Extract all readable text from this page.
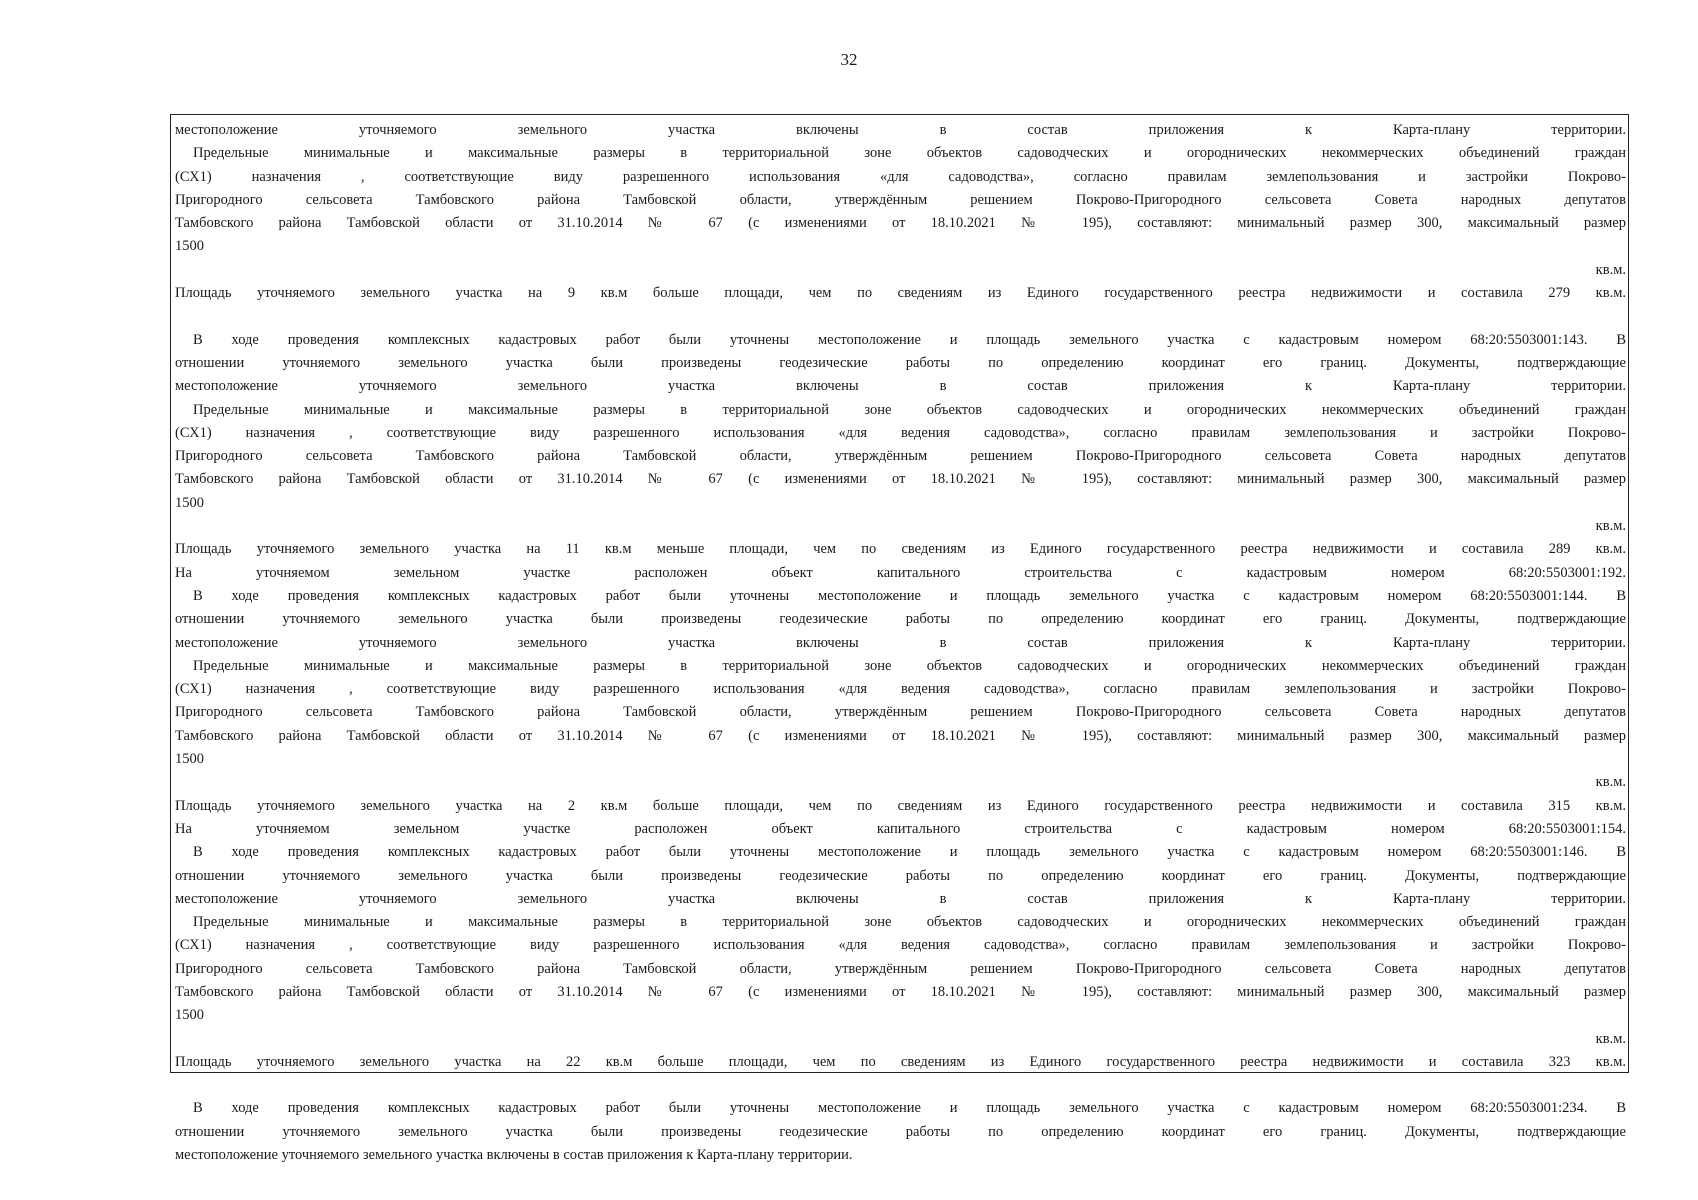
32
местоположение уточняемого земельного участка включены в состав приложения к Карта-плану территории.
Предельные минимальные и максимальные размеры в территориальной зоне объектов садоводческих и огороднических некоммерческих объединений граждан
(СХ1) назначения , соответствующие виду разрешенного использования «для садоводства», согласно правилам землепользования и застройки Покрово-
Пригородного сельсовета Тамбовского района Тамбовской области, утверждённым решением Покрово-Пригородного сельсовета Совета народных депутатов
Тамбовского района Тамбовской области от 31.10.2014 № 67 (с изменениями от 18.10.2021 № 195), составляют: минимальный размер 300, максимальный размер
1500
кв.м.
Площадь уточняемого земельного участка на 9 кв.м больше площади, чем по сведениям из Единого государственного реестра недвижимости и составила 279 кв.м.
В ходе проведения комплексных кадастровых работ были уточнены местоположение и площадь земельного участка с кадастровым номером 68:20:5503001:143. В
отношении уточняемого земельного участка были произведены геодезические работы по определению координат его границ. Документы, подтверждающие
местоположение уточняемого земельного участка включены в состав приложения к Карта-плану территории.
Предельные минимальные и максимальные размеры в территориальной зоне объектов садоводческих и огороднических некоммерческих объединений граждан
(СХ1) назначения , соответствующие виду разрешенного использования «для ведения садоводства», согласно правилам землепользования и застройки Покрово-
Пригородного сельсовета Тамбовского района Тамбовской области, утверждённым решением Покрово-Пригородного сельсовета Совета народных депутатов
Тамбовского района Тамбовской области от 31.10.2014 № 67 (с изменениями от 18.10.2021 № 195), составляют: минимальный размер 300, максимальный размер
1500
кв.м.
Площадь уточняемого земельного участка на 11 кв.м меньше площади, чем по сведениям из Единого государственного реестра недвижимости и составила 289 кв.м.
На уточняемом земельном участке расположен объект капитального строительства с кадастровым номером 68:20:5503001:192.
В ходе проведения комплексных кадастровых работ были уточнены местоположение и площадь земельного участка с кадастровым номером 68:20:5503001:144. В
отношении уточняемого земельного участка были произведены геодезические работы по определению координат его границ. Документы, подтверждающие
местоположение уточняемого земельного участка включены в состав приложения к Карта-плану территории.
Предельные минимальные и максимальные размеры в территориальной зоне объектов садоводческих и огороднических некоммерческих объединений граждан
(СХ1) назначения , соответствующие виду разрешенного использования «для ведения садоводства», согласно правилам землепользования и застройки Покрово-
Пригородного сельсовета Тамбовского района Тамбовской области, утверждённым решением Покрово-Пригородного сельсовета Совета народных депутатов
Тамбовского района Тамбовской области от 31.10.2014 № 67 (с изменениями от 18.10.2021 № 195), составляют: минимальный размер 300, максимальный размер
1500
кв.м.
Площадь уточняемого земельного участка на 2 кв.м больше площади, чем по сведениям из Единого государственного реестра недвижимости и составила 315 кв.м.
На уточняемом земельном участке расположен объект капитального строительства с кадастровым номером 68:20:5503001:154.
В ходе проведения комплексных кадастровых работ были уточнены местоположение и площадь земельного участка с кадастровым номером 68:20:5503001:146. В
отношении уточняемого земельного участка были произведены геодезические работы по определению координат его границ. Документы, подтверждающие
местоположение уточняемого земельного участка включены в состав приложения к Карта-плану территории.
Предельные минимальные и максимальные размеры в территориальной зоне объектов садоводческих и огороднических некоммерческих объединений граждан
(СХ1) назначения , соответствующие виду разрешенного использования «для ведения садоводства», согласно правилам землепользования и застройки Покрово-
Пригородного сельсовета Тамбовского района Тамбовской области, утверждённым решением Покрово-Пригородного сельсовета Совета народных депутатов
Тамбовского района Тамбовской области от 31.10.2014 № 67 (с изменениями от 18.10.2021 № 195), составляют: минимальный размер 300, максимальный размер
1500
кв.м.
Площадь уточняемого земельного участка на 22 кв.м больше площади, чем по сведениям из Единого государственного реестра недвижимости и составила 323 кв.м.
В ходе проведения комплексных кадастровых работ были уточнены местоположение и площадь земельного участка с кадастровым номером 68:20:5503001:234. В
отношении уточняемого земельного участка были произведены геодезические работы по определению координат его границ. Документы, подтверждающие
местоположение уточняемого земельного участка включены в состав приложения к Карта-плану территории.
